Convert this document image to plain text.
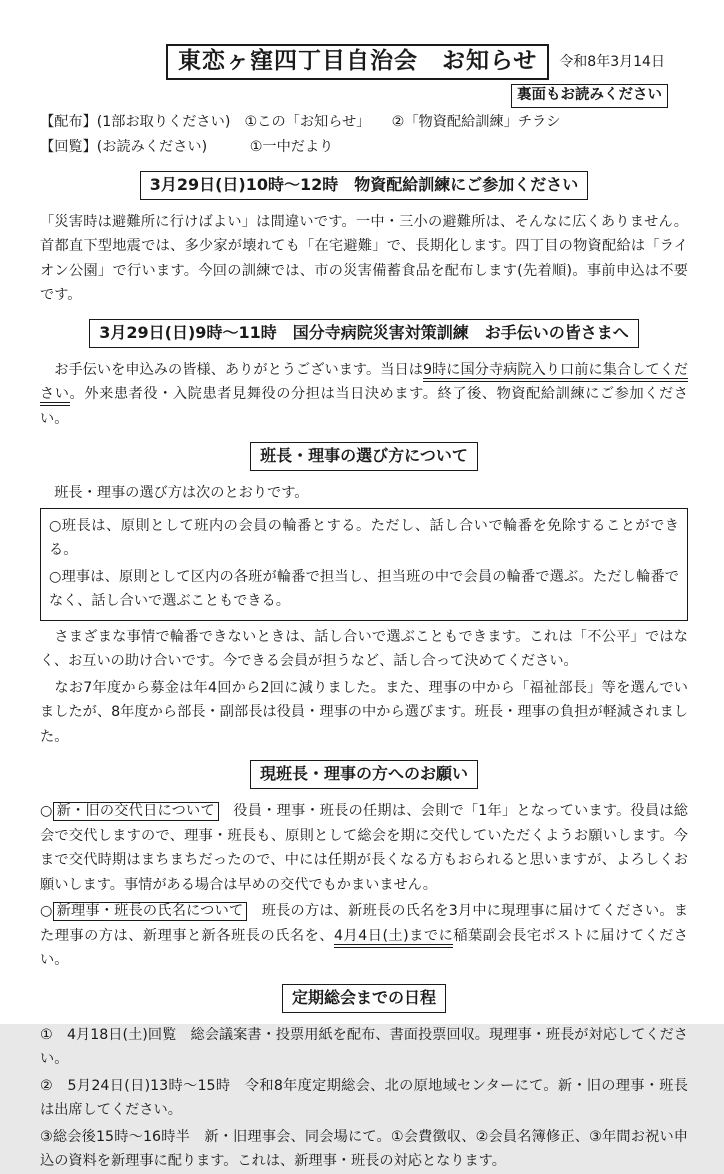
東恋ヶ窪四丁目自治会　お知らせ	令和8年3月14日
裏面もお読みください
【配布】(1部お取りください)　①この「お知らせ」　　②「物資配給訓練」チラシ
【回覧】(お読みください)　　　①一中だより
3月29日(日)10時～12時　物資配給訓練にご参加ください
「災害時は避難所に行けばよい」は間違いです。一中・三小の避難所は、そんなに広くありません。首都直下型地震では、多少家が壊れても「在宅避難」で、長期化します。四丁目の物資配給は「ライオン公園」で行います。今回の訓練では、市の災害備蓄食品を配布します(先着順)。事前申込は不要です。
3月29日(日)9時～11時　国分寺病院災害対策訓練　お手伝いの皆さまへ
　お手伝いを申込みの皆様、ありがとうございます。当日は9時に国分寺病院入り口前に集合してください。外来患者役・入院患者見舞役の分担は当日決めます。終了後、物資配給訓練にご参加ください。
班長・理事の選び方について
　班長・理事の選び方は次のとおりです。
○班長は、原則として班内の会員の輪番とする。ただし、話し合いで輪番を免除することができる。
○理事は、原則として区内の各班が輪番で担当し、担当班の中で会員の輪番で選ぶ。ただし輪番でなく、話し合いで選ぶこともできる。
　さまざまな事情で輪番できないときは、話し合いで選ぶこともできます。これは「不公平」ではなく、お互いの助け合いです。今できる会員が担うなど、話し合って決めてください。
　なお7年度から募金は年4回から2回に減りました。また、理事の中から「福祉部長」等を選んでいましたが、8年度から部長・副部長は役員・理事の中から選びます。班長・理事の負担が軽減されました。
現班長・理事の方へのお願い
○ 新・旧の交代日について　役員・理事・班長の任期は、会則で「1年」となっています。役員は総会で交代しますので、理事・班長も、原則として総会を期に交代していただくようお願いします。今まで交代時期はまちまちだったので、中には任期が長くなる方もおられると思いますが、よろしくお願いします。事情がある場合は早めの交代でもかまいません。
○ 新理事・班長の氏名について　班長の方は、新班長の氏名を3月中に現理事に届けてください。また理事の方は、新理事と新各班長の氏名を、4月4日(土)までに稲葉副会長宅ポストに届けてください。
定期総会までの日程
①　4月18日(土)回覧　総会議案書・投票用紙を配布、書面投票回収。現理事・班長が対応してください。
②　5月24日(日)13時～15時　令和8年度定期総会、北の原地域センターにて。新・旧の理事・班長は出席してください。
③総会後15時～16時半　新・旧理事会、同会場にて。①会費徴収、②会員名簿修正、③年間お祝い申込の資料を新理事に配ります。これは、新理事・班長の対応となります。
